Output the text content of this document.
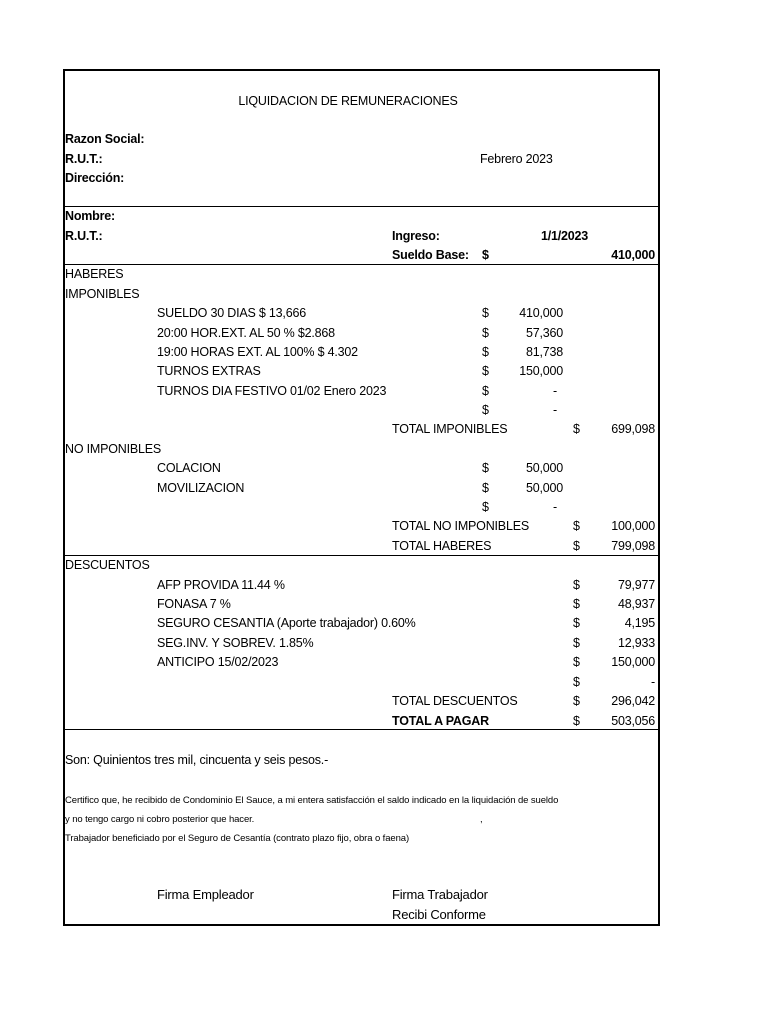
LIQUIDACION DE REMUNERACIONES
Razon Social:
R.U.T.:	Febrero 2023
Dirección:
Nombre:
R.U.T.:	Ingreso:	1/1/2023
Sueldo Base: $	410,000
HABERES
IMPONIBLES
SUELDO 30 DIAS $ 13,666	$	410,000
20:00 HOR.EXT. AL 50 % $2.868	$	57,360
19:00 HORAS EXT. AL 100% $ 4.302	$	81,738
TURNOS EXTRAS	$	150,000
TURNOS DIA FESTIVO 01/02 Enero 2023	$	-
$	-
TOTAL IMPONIBLES	$	699,098
NO IMPONIBLES
COLACION	$	50,000
MOVILIZACION	$	50,000
$	-
TOTAL NO IMPONIBLES	$	100,000
TOTAL HABERES	$	799,098
DESCUENTOS
AFP PROVIDA 11.44 %	$	79,977
FONASA 7 %	$	48,937
SEGURO CESANTIA (Aporte trabajador) 0.60%	$	4,195
SEG.INV. Y SOBREV. 1.85%	$	12,933
ANTICIPO 15/02/2023	$	150,000
$	-
TOTAL DESCUENTOS	$	296,042
TOTAL A PAGAR	$	503,056
Son: Quinientos tres mil, cincuenta y seis pesos.-
Certifico que, he recibido de Condominio El Sauce, a mi entera satisfacción el saldo indicado en la liquidación de sueldo
y no tengo cargo ni cobro posterior que hacer.	,
Trabajador beneficiado por el Seguro de Cesantía (contrato plazo fijo, obra o faena)
Firma Empleador	Firma Trabajador
Recibi Conforme
